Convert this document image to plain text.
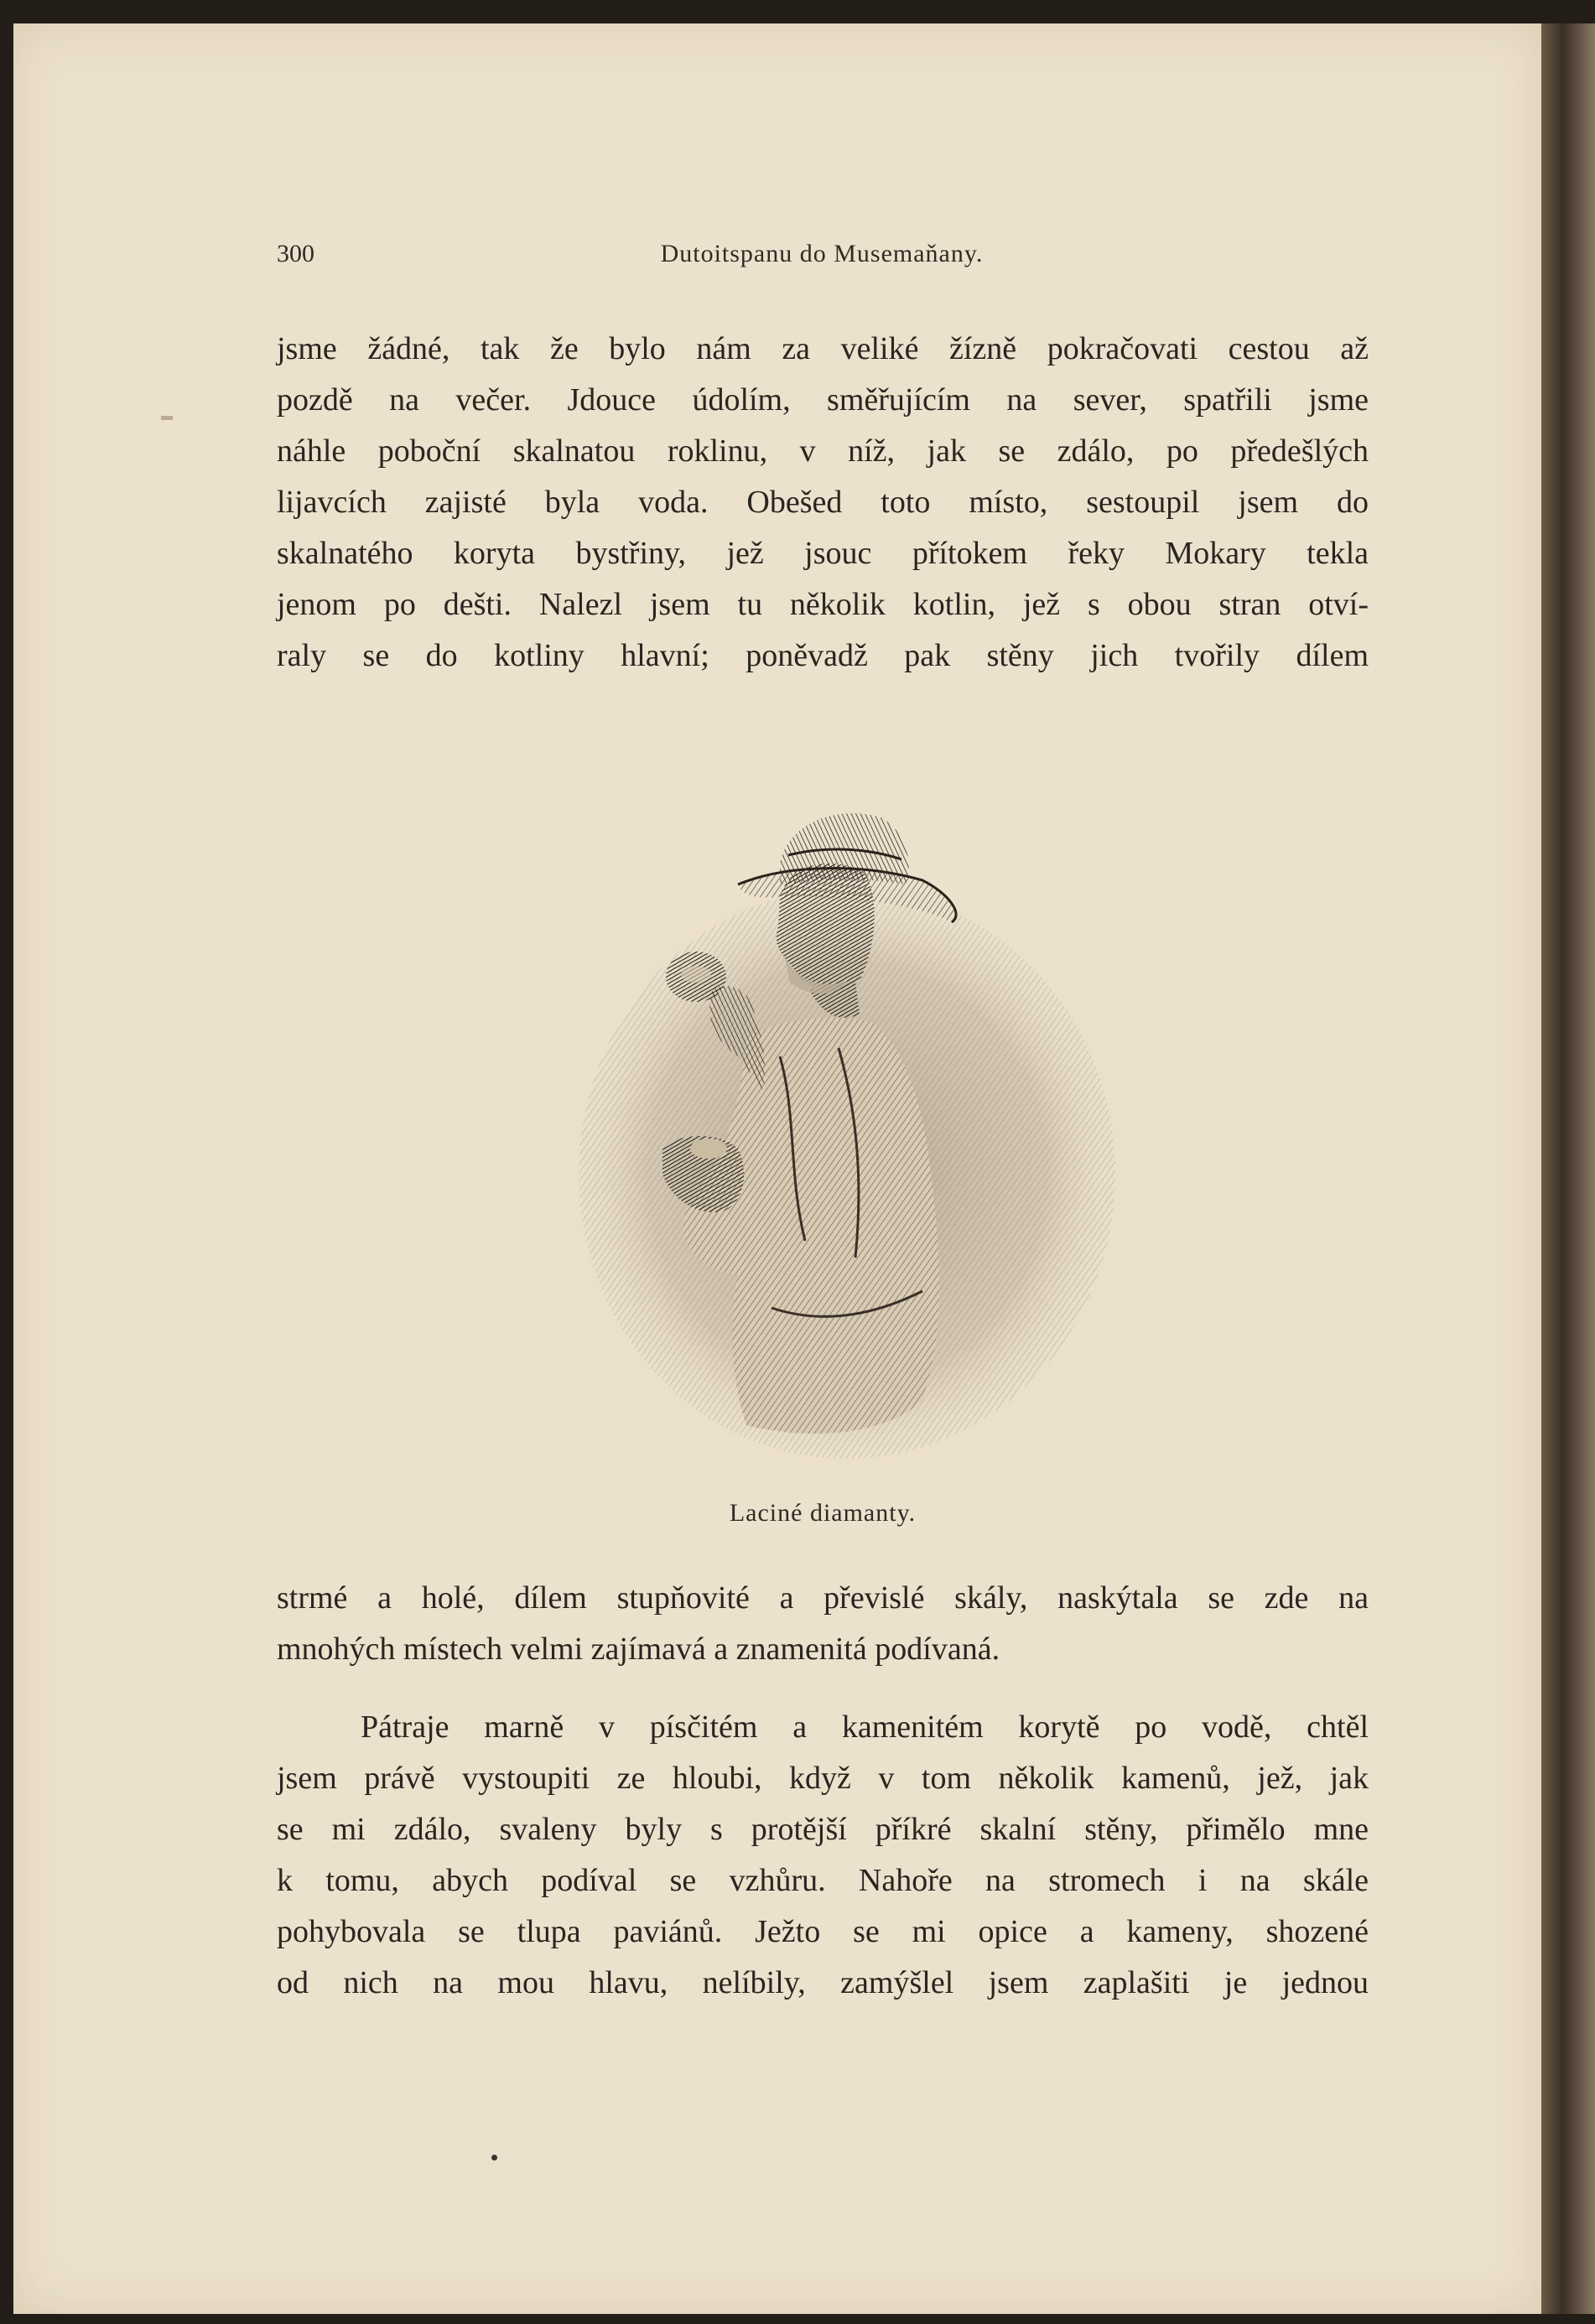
300	Dutoitspanu do Musemaňany.
jsme žádné, tak že bylo nám za veliké žízně pokračovati cestou až
pozdě na večer. Jdouce údolím, směřujícím na sever, spatřili jsme
náhle poboční skalnatou roklinu, v níž, jak se zdálo, po předešlých
lijavcích zajisté byla voda. Obešed toto místo, sestoupil jsem do
skalnatého koryta bystřiny, jež jsouc přítokem řeky Mokary tekla
jenom po dešti. Nalezl jsem tu několik kotlin, jež s obou stran otví-
raly se do kotliny hlavní; poněvadž pak stěny jich tvořily dílem
Laciné diamanty.
strmé a holé, dílem stupňovité a převislé skály, naskýtala se zde na
mnohých místech velmi zajímavá a znamenitá podívaná.
Pátraje marně v písčitém a kamenitém korytě po vodě, chtěl
jsem právě vystoupiti ze hloubi, když v tom několik kamenů, jež, jak
se mi zdálo, svaleny byly s protější příkré skalní stěny, přimělo mne
k tomu, abych podíval se vzhůru. Nahoře na stromech i na skále
pohybovala se tlupa paviánů. Ježto se mi opice a kameny, shozené
od nich na mou hlavu, nelíbily, zamýšlel jsem zaplašiti je jednou
